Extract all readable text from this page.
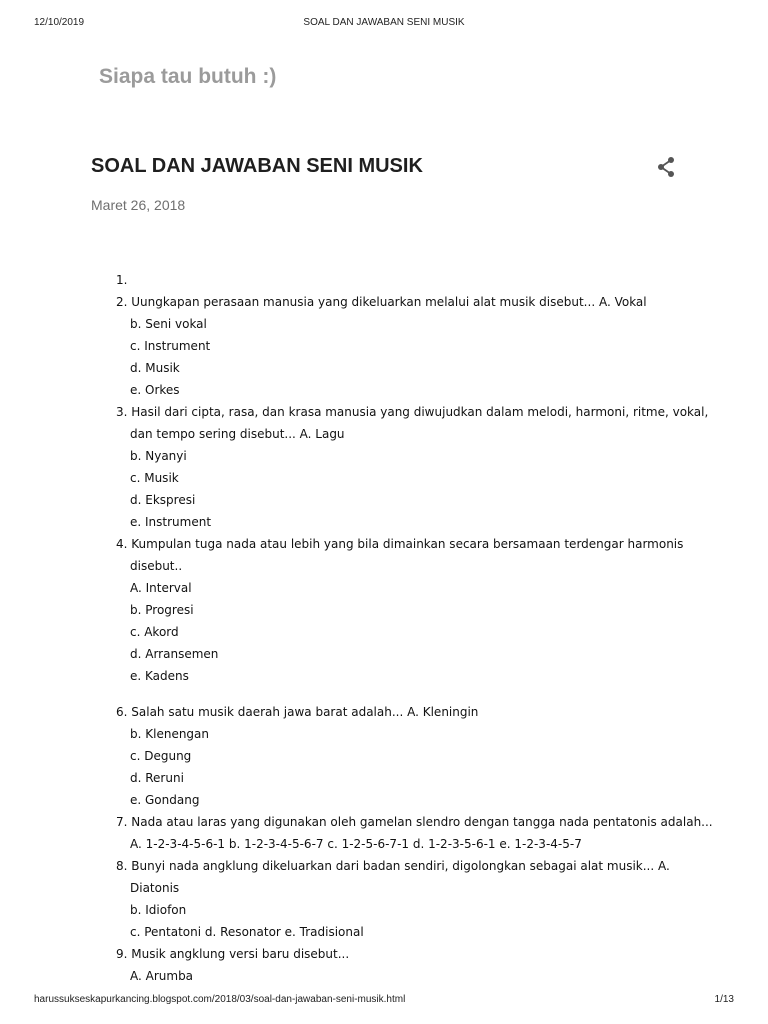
12/10/2019	SOAL DAN JAWABAN SENI MUSIK
Siapa tau butuh :)
SOAL DAN JAWABAN SENI MUSIK
Maret 26, 2018
1.
2. Uungkapan perasaan manusia yang dikeluarkan melalui alat musik disebut... A. Vokal
b. Seni vokal
c. Instrument
d. Musik
e. Orkes
3. Hasil dari cipta, rasa, dan krasa manusia yang diwujudkan dalam melodi, harmoni, ritme, vokal,
dan tempo sering disebut... A. Lagu
b. Nyanyi
c. Musik
d. Ekspresi
e. Instrument
4. Kumpulan tuga nada atau lebih yang bila dimainkan secara bersamaan terdengar harmonis
disebut..
A. Interval
b. Progresi
c. Akord
d. Arransemen
e. Kadens
6. Salah satu musik daerah jawa barat adalah... A. Kleningin
b. Klenengan
c. Degung
d. Reruni
e. Gondang
7. Nada atau laras yang digunakan oleh gamelan slendro dengan tangga nada pentatonis adalah...
A. 1-2-3-4-5-6-1 b. 1-2-3-4-5-6-7 c. 1-2-5-6-7-1 d. 1-2-3-5-6-1 e. 1-2-3-4-5-7
8. Bunyi nada angklung dikeluarkan dari badan sendiri, digolongkan sebagai alat musik... A.
Diatonis
b. Idiofon
c. Pentatoni d. Resonator e. Tradisional
9. Musik angklung versi baru disebut...
A. Arumba
harussukseskapurkancing.blogspot.com/2018/03/soal-dan-jawaban-seni-musik.html	1/13
